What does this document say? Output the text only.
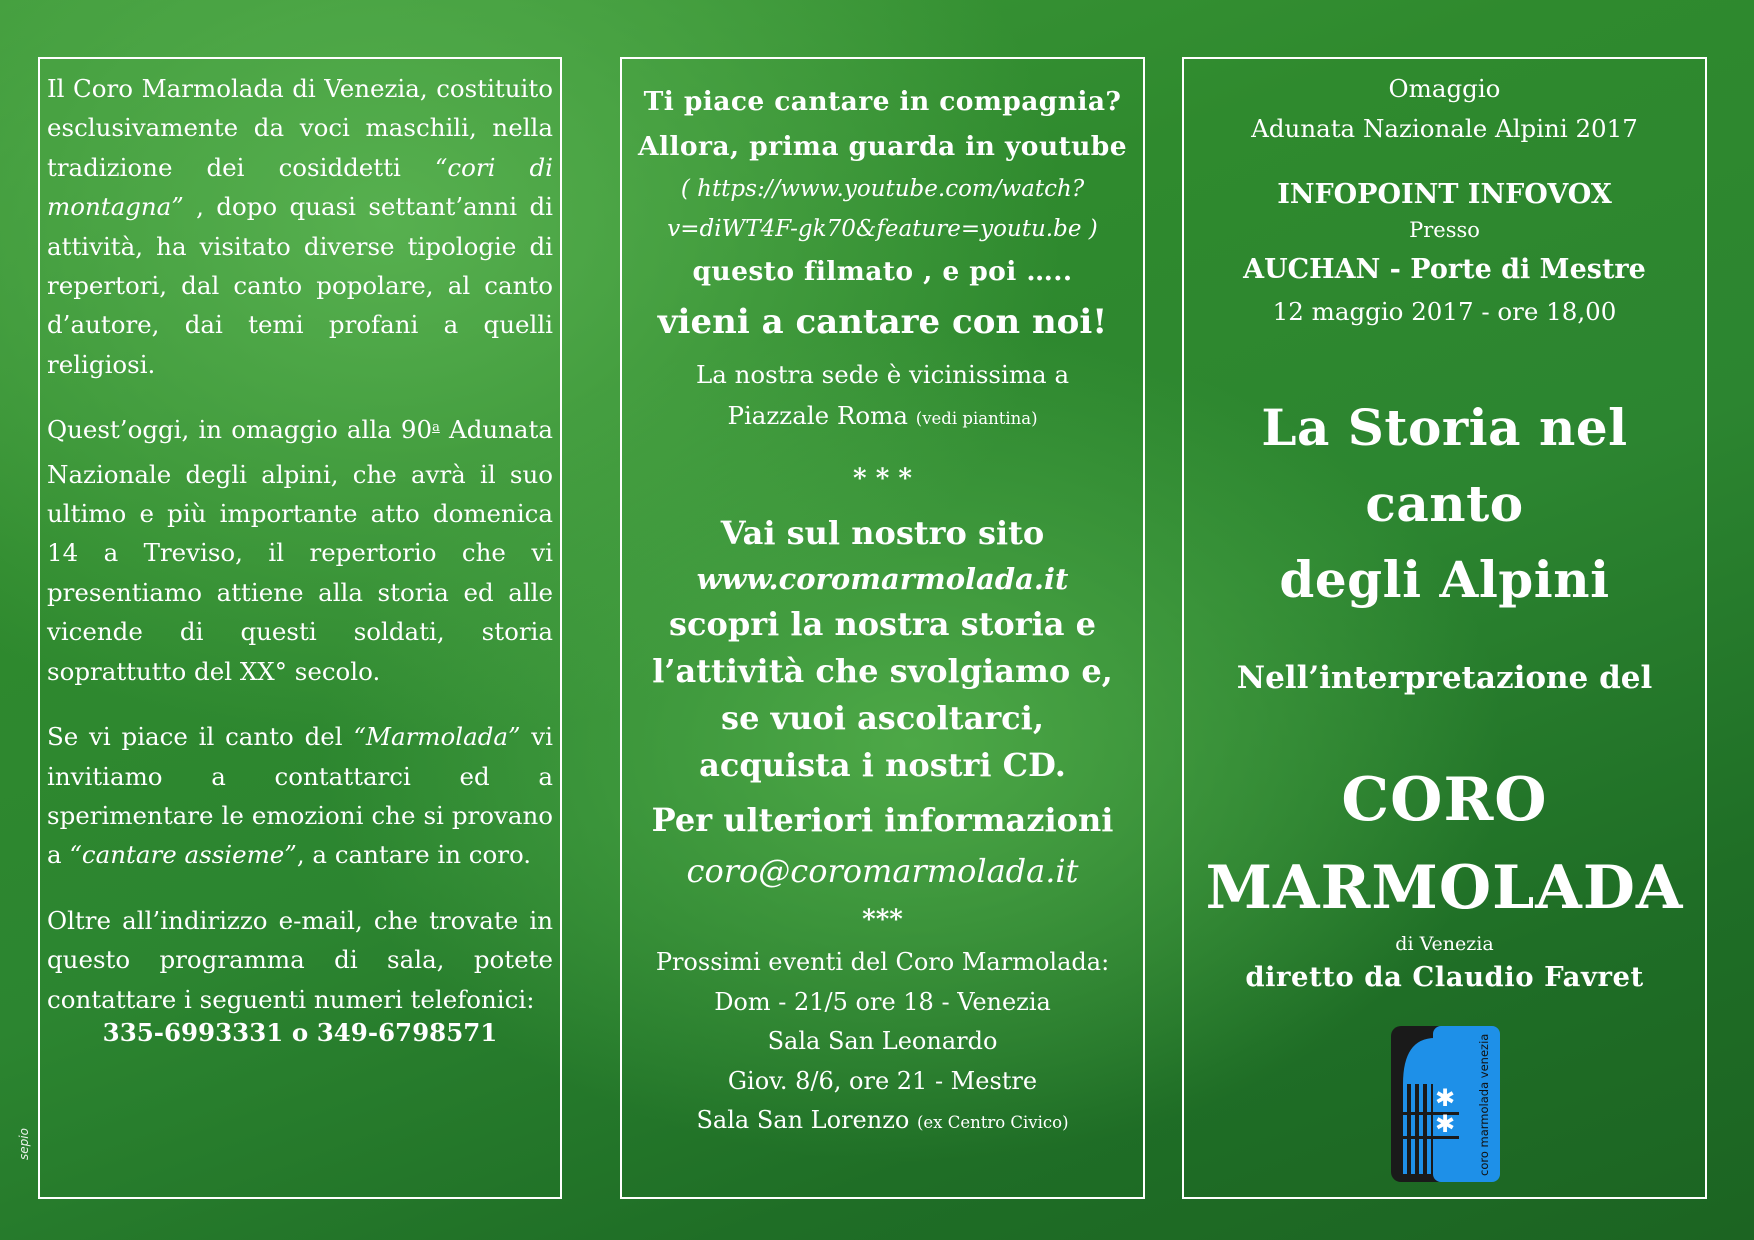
Il Coro Marmolada di Venezia, costituito esclusivamente da voci maschili, nella tradizione dei cosiddetti “cori di montagna” , dopo quasi settant’anni di attività, ha visitato diverse tipologie di repertori, dal canto popolare, al canto d’autore, dai temi profani a quelli religiosi.

Quest’oggi, in omaggio alla $90_a$ Adunata Nazionale degli alpini, che avrà il suo ultimo e più importante atto domenica 14 a Treviso, il repertorio che vi presentiamo attiene alla storia ed alle vicende di questi soldati, storia soprattutto del XX° secolo.

Se vi piace il canto del “Marmolada” vi invitiamo a contattarci ed a sperimentare le emozioni che si provano a “cantare assieme”, a cantare in coro.

Oltre all’indirizzo e-mail, che trovate in questo programma di sala, potete contattare i seguenti numeri telefonici:

335-6993331 o 349-6798571

sepio
Ti piace cantare in compagnia?
Allora, prima guarda in youtube
( https://www.youtube.com/watch?
v=diWT4F-gk70&feature=youtu.be )
questo filmato , e poi …..
vieni a cantare con noi!
La nostra sede è vicinissima a
Piazzale Roma (vedi piantina)
* * *
Vai sul nostro sito
www.coromarmolada.it
scopri la nostra storia e
l’attività che svolgiamo e,
se vuoi ascoltarci,
acquista i nostri CD.
Per ulteriori informazioni
coro@coromarmolada.it
***
Prossimi eventi del Coro Marmolada:
Dom - 21/5 ore 18 - Venezia
Sala San Leonardo
Giov. 8/6, ore 21 - Mestre
Sala San Lorenzo (ex Centro Civico)
Omaggio
Adunata Nazionale Alpini 2017
INFOPOINT INFOVOX
Presso
AUCHAN - Porte di Mestre
12 maggio 2017 - ore 18,00
La Storia nel canto
degli Alpini
Nell’interpretazione del
CORO
MARMOLADA
di Venezia
diretto da Claudio Favret
✱
✱ coro marmolada venezia
